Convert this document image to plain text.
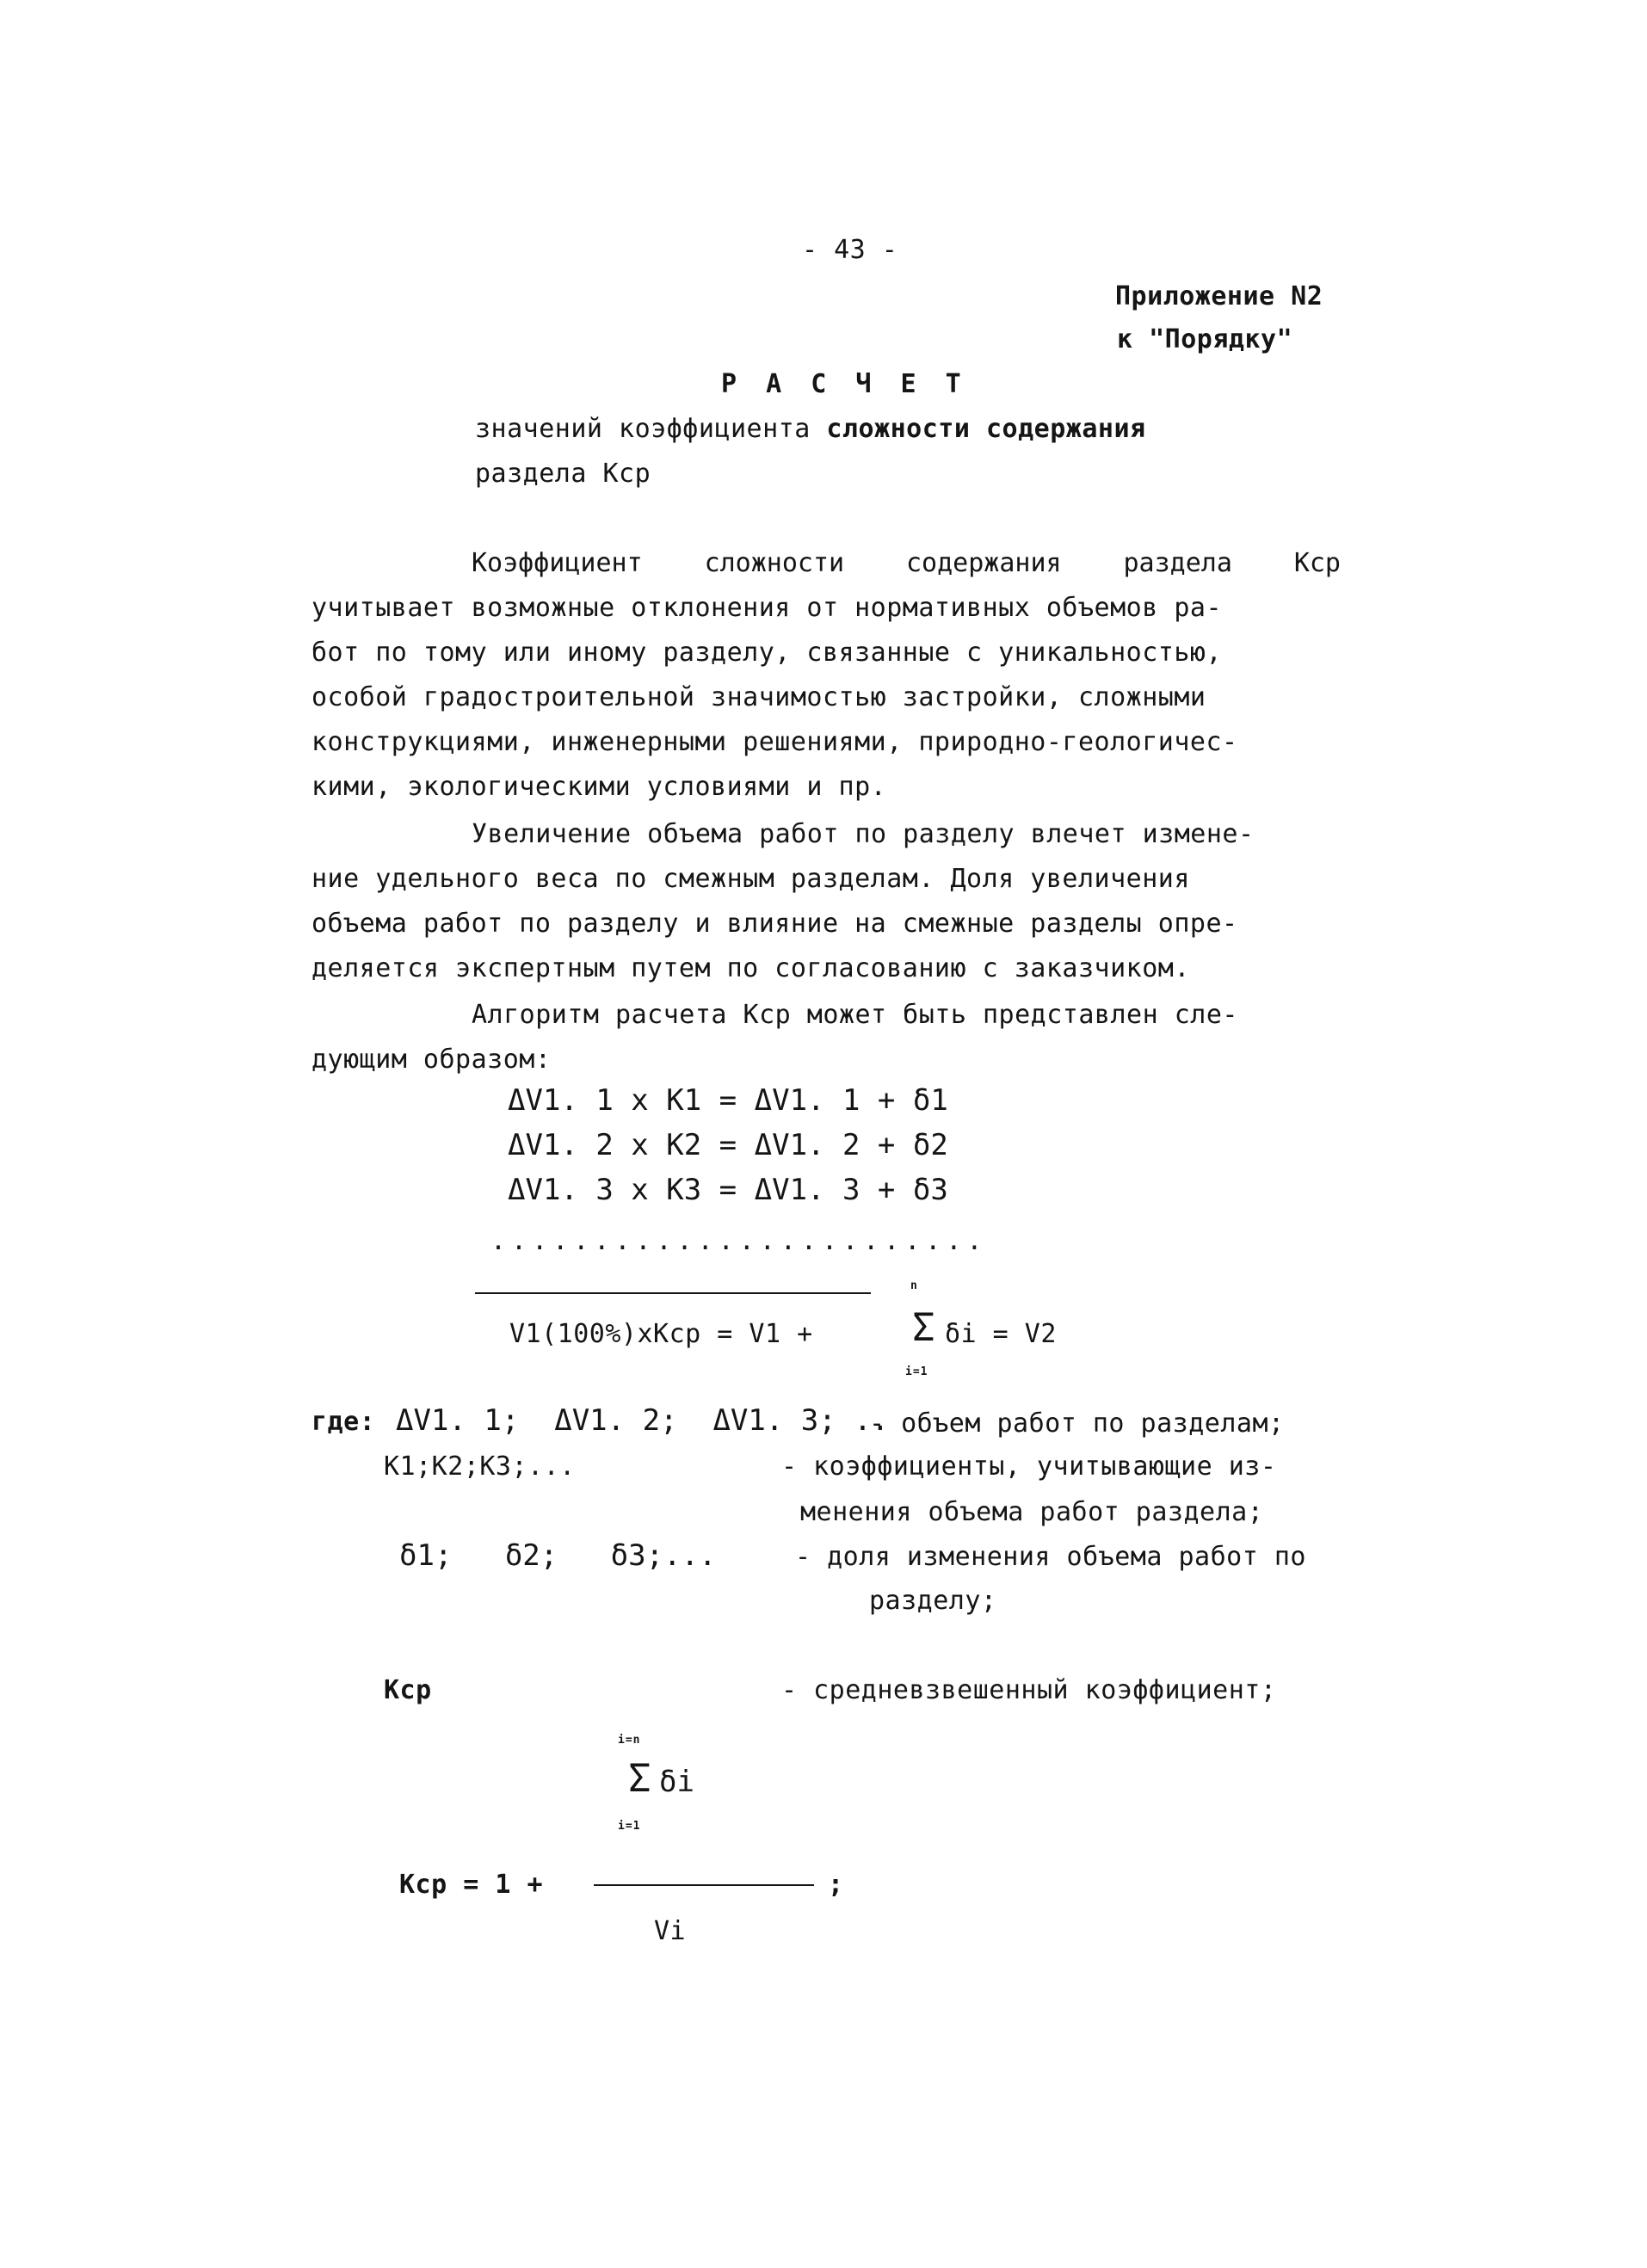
- 43 -
Приложение N2
к "Порядку"
Р А С Ч Е Т
значений коэффициента сложности содержания
раздела Кср
Коэффициент сложности содержания раздела Кср
учитывает возможные отклонения от нормативных объемов ра-
бот по тому или иному разделу, связанные с уникальностью,
особой градостроительной значимостью застройки, сложными
конструкциями, инженерными решениями, природно-геологичес-
кими, экологическими условиями и пр.
Увеличение объема работ по разделу влечет измене-
ние удельного веса по смежным разделам. Доля увеличения
объема работ по разделу и влияние на смежные разделы опре-
деляется экспертным путем по согласованию с заказчиком.
Алгоритм расчета Кср может быть представлен сле-
дующим образом:
ΔV1. 1 x K1 = ΔV1. 1 + δ1
ΔV1. 2 x K2 = ΔV1. 2 + δ2
ΔV1. 3 x K3 = ΔV1. 3 + δ3
........................
n
V1(100%)xКср = V1 +	Σ δi = V2
i=1
где: ΔV1. 1;  ΔV1. 2;  ΔV1. 3; ..
- объем работ по разделам;
К1;К2;К3;...	- коэффициенты, учитывающие из-
менения объема работ раздела;
δ1;   δ2;   δ3;...	- доля изменения объема работ по
разделу;
Кср	- средневзвешенный коэффициент;
i=n
Σ δi
i=1
Кср = 1 +	;
Vi
